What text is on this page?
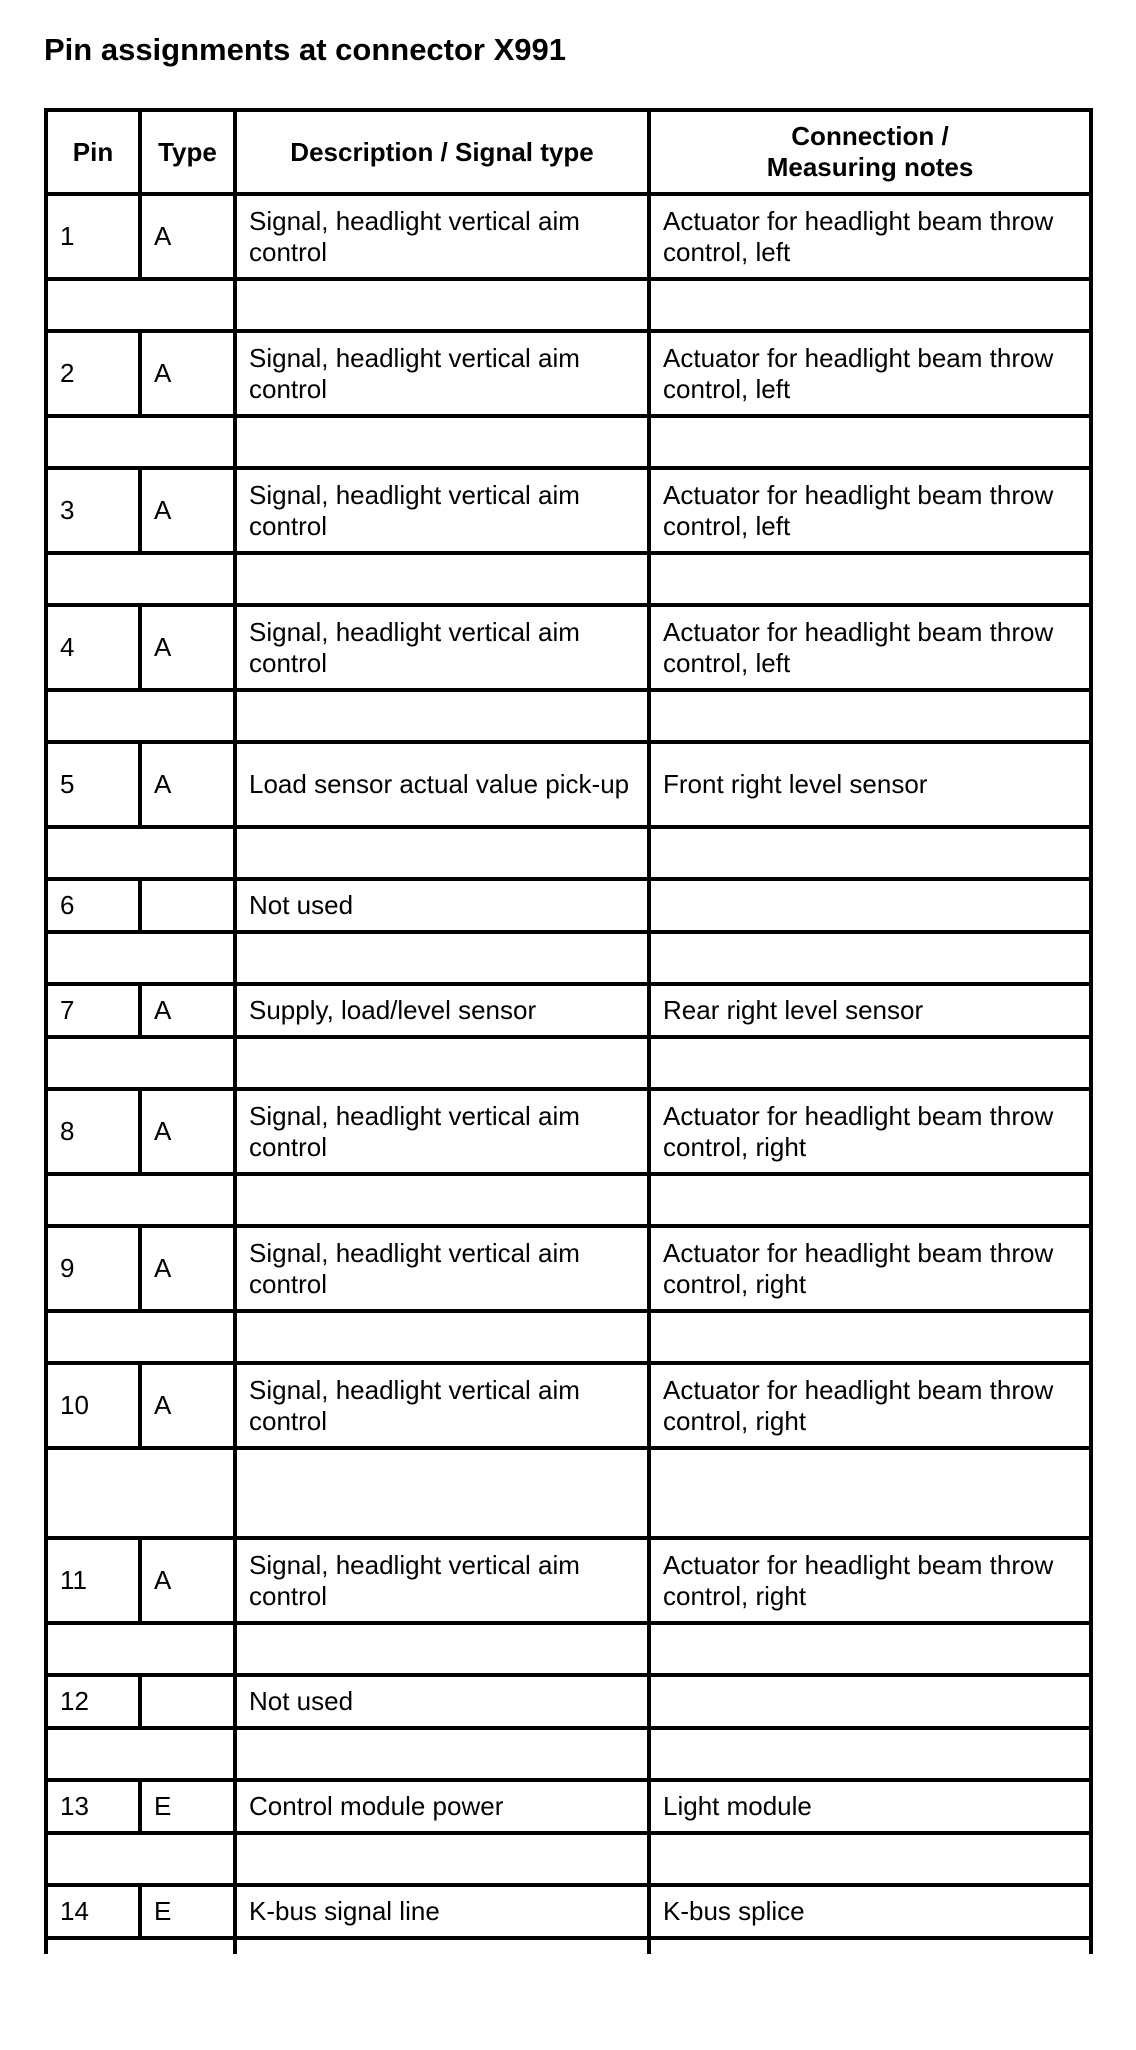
Pin assignments at connector X991
Pin	Type	Description / Signal type	Connection /
Measuring notes

1	A	Signal, headlight vertical aim control	Actuator for headlight beam throw control, left

2	A	Signal, headlight vertical aim control	Actuator for headlight beam throw control, left

3	A	Signal, headlight vertical aim control	Actuator for headlight beam throw control, left

4	A	Signal, headlight vertical aim control	Actuator for headlight beam throw control, left

5	A	Load sensor actual value pick-up	Front right level sensor

6		Not used	

7	A	Supply, load/level sensor	Rear right level sensor

8	A	Signal, headlight vertical aim control	Actuator for headlight beam throw control, right

9	A	Signal, headlight vertical aim control	Actuator for headlight beam throw control, right

10	A	Signal, headlight vertical aim control	Actuator for headlight beam throw control, right

11	A	Signal, headlight vertical aim control	Actuator for headlight beam throw control, right

12		Not used	

13	E	Control module power	Light module

14	E	K-bus signal line	K-bus splice
